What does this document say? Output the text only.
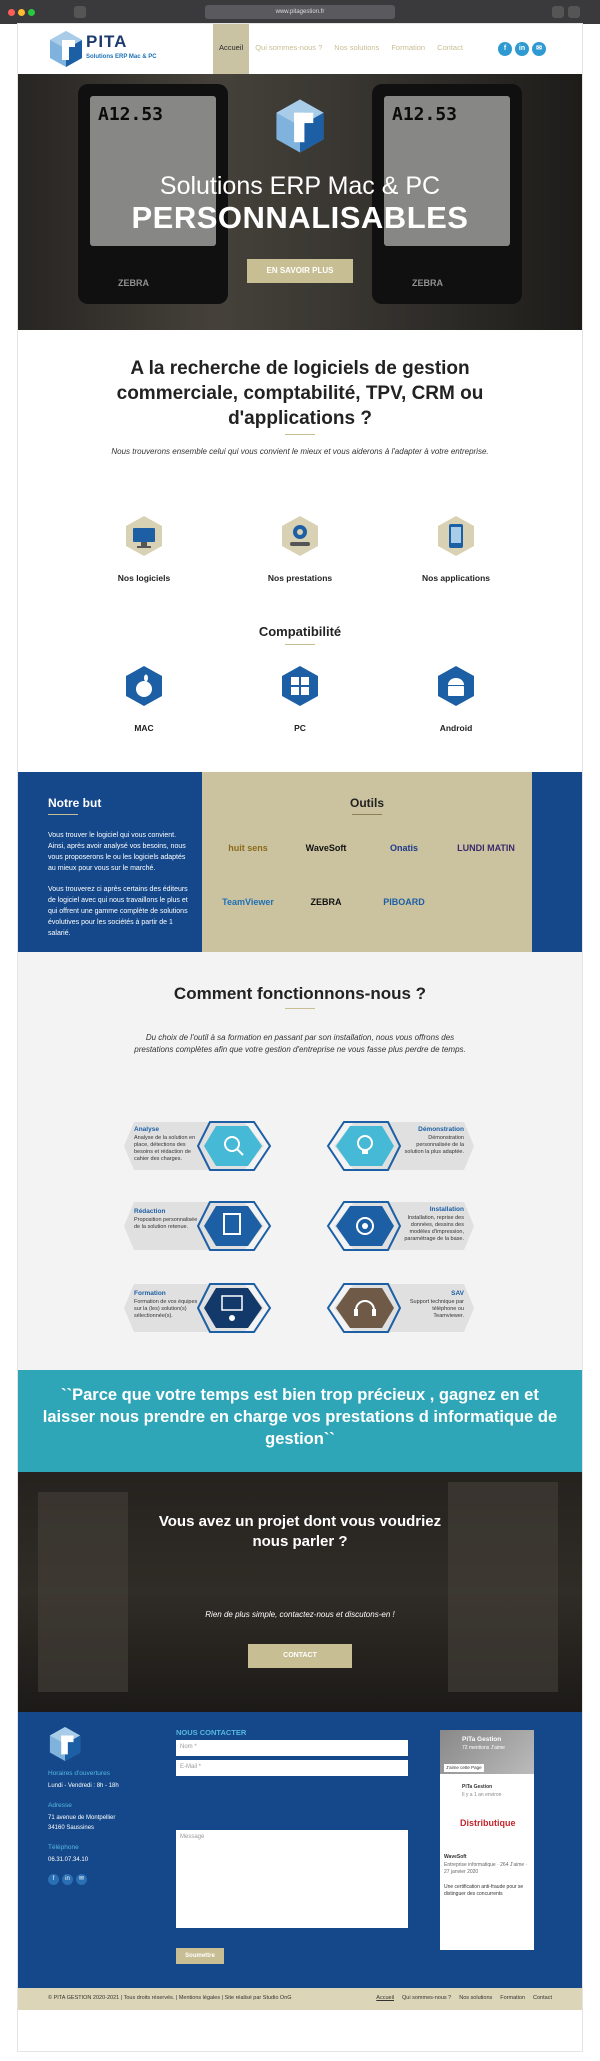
www.pitagestion.fr
PITA
Solutions ERP Mac & PC
Accueil	Qui sommes-nous ?	Nos solutions	Formation	Contact	f	in	✉
A12.53
ZEBRA
A12.53
ZEBRA
Solutions ERP Mac & PC
PERSONNALISABLES
EN SAVOIR PLUS
A la recherche de logiciels de gestion commerciale, comptabilité, TPV, CRM ou d'applications ?
Nous trouverons ensemble celui qui vous convient le mieux et vous aiderons à l'adapter à votre entreprise.
Nos logiciels	Nos prestations	Nos applications
Compatibilité
MAC	PC	Android
Notre but

Vous trouver le logiciel qui vous convient. Ainsi, après avoir analysé vos besoins, nous vous proposerons le ou les logiciels adaptés au mieux pour vous sur le marché.

Vous trouverez ci après certains des éditeurs de logiciel avec qui nous travaillons le plus et qui offrent une gamme complète de solutions évolutives pour les sociétés à partir de 1 salarié.

Outils
huit sens	WaveSoft	Onatis	LUNDI MATIN
TeamViewer	ZEBRA	PIBOARD
Comment fonctionnons-nous ?
Du choix de l'outil à sa formation en passant par son installation, nous vous offrons des prestations complètes afin que votre gestion d'entreprise ne vous fasse plus perdre de temps.
Analyse
Analyse de la solution en place, détections des besoins et rédaction de cahier des charges.
Rédaction
Proposition personnalisée de la solution retenue.
Formation
Formation de vos équipes sur la (les) solution(s) sélectionnée(s).
Démonstration
Démonstration personnalisée de la solution la plus adaptée.
Installation
Installation, reprise des données, dessins des modèles d'impression, paramétrage de la base.
SAV
Support technique par téléphone ou Teamviewer.

``Parce que votre temps est bien trop précieux , gagnez en et laisser nous prendre en charge vos prestations d informatique de gestion``

Vous avez un projet dont vous voudriez nous parler ?

Rien de plus simple, contactez-nous et discutons-en !

CONTACT
Horaires d'ouvertures
Lundi - Vendredi : 8h - 18h
Adresse
71 avenue de Montpellier
34160 Saussines
Téléphone
06.31.07.34.10
f	in	✉
NOUS CONTACTER
Nom *
E-Mail *
Message
Soumettre
PiTa Gestion
72 mentions J'aime
J'aime cette Page
PiTa Gestion
Il y a 1 an environ
Distributique
WaveSoft
Entreprise informatique · 264 J'aime · 27 janvier 2020
Une certification anti-fraude pour se distinguer des concurrents
© PITA GESTION 2020-2021 | Tous droits réservés. | Mentions légales | Site réalisé par Studio OnG	Accueil Qui sommes-nous ? Nos solutions Formation Contact
